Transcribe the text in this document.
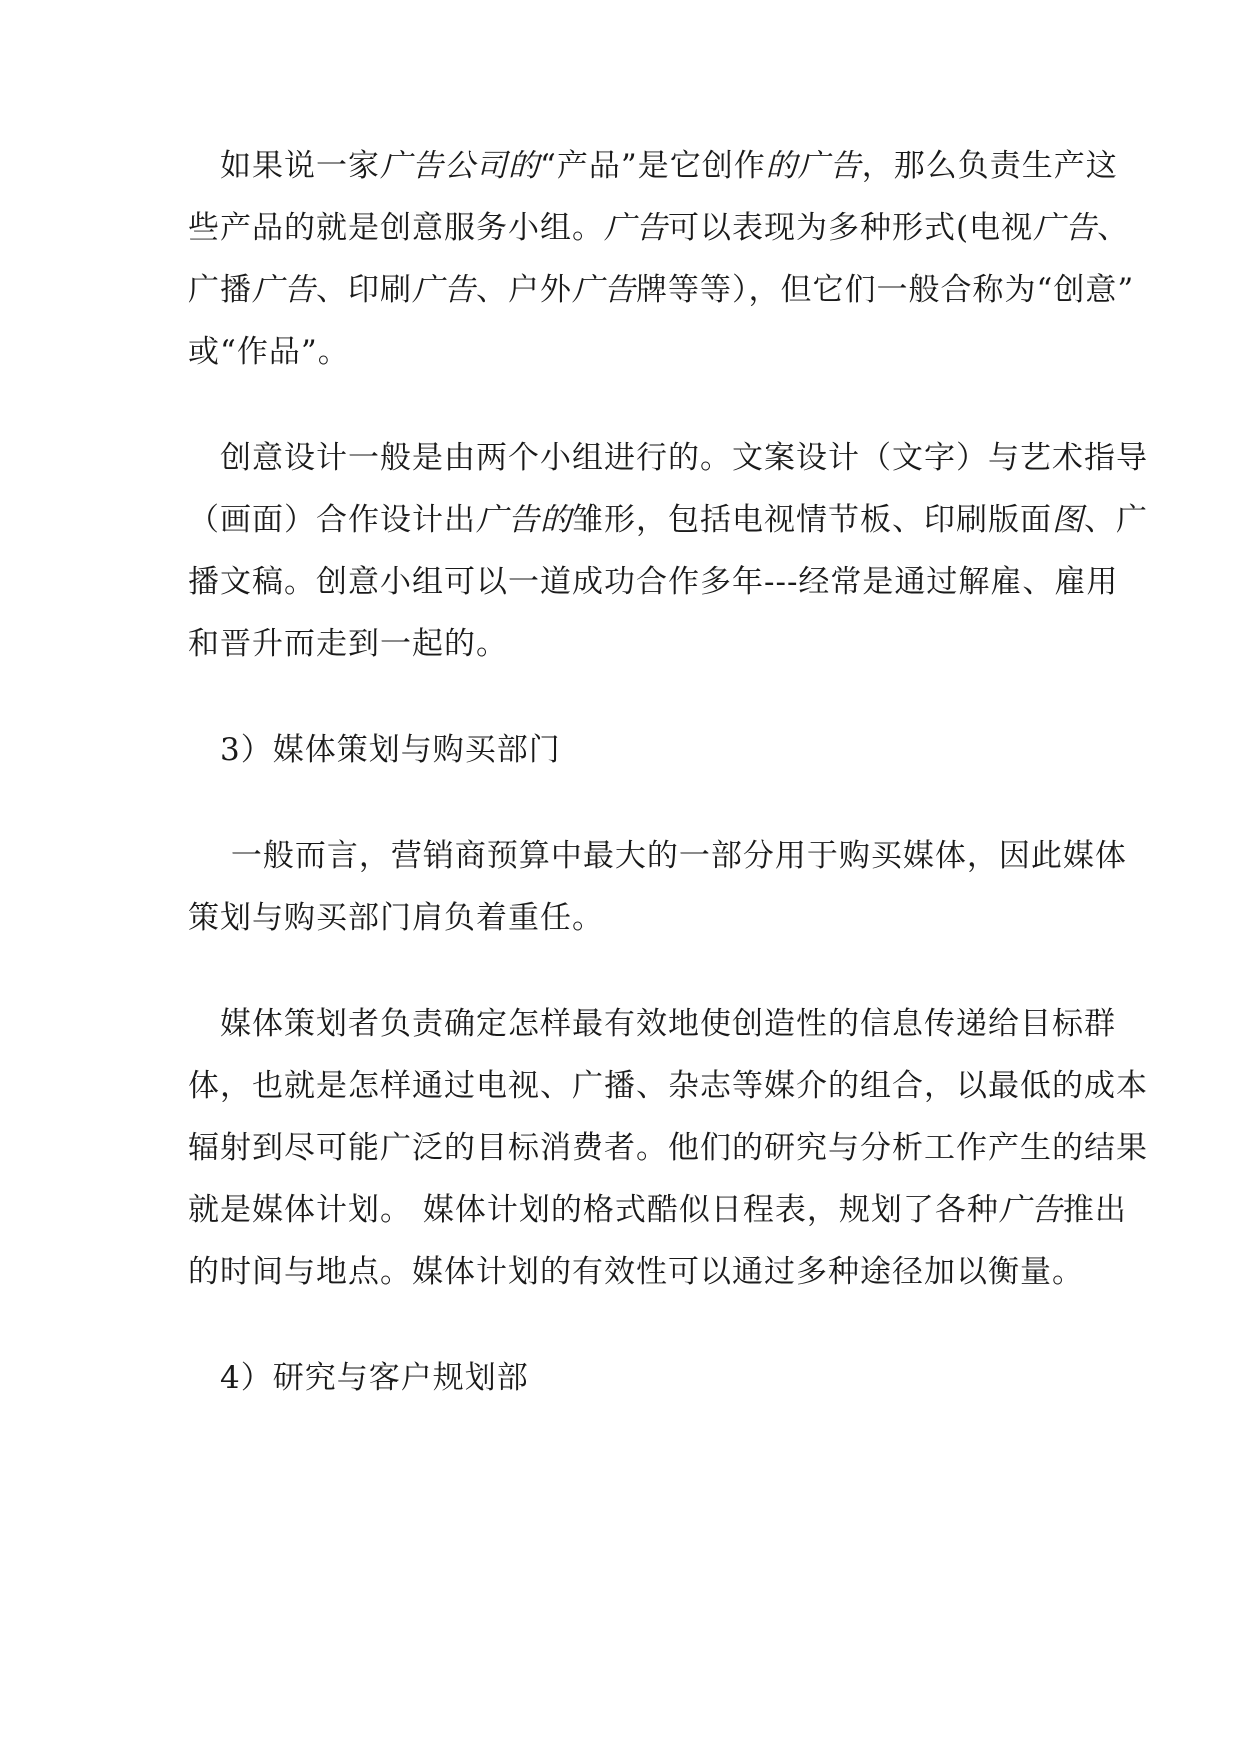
　如果说一家广告公司的“产品”是它创作的广告，那么负责生产这
些产品的就是创意服务小组。广告可以表现为多种形式(电视广告、
广播广告、印刷广告、户外广告牌等等），但它们一般合称为“创意”
或“作品”。
　创意设计一般是由两个小组进行的。文案设计（文字）与艺术指导
（画面）合作设计出广告的雏形，包括电视情节板、印刷版面图、广
播文稿。创意小组可以一道成功合作多年---经常是通过解雇、雇用
和晋升而走到一起的。
　3）媒体策划与购买部门
　 一般而言，营销商预算中最大的一部分用于购买媒体，因此媒体
策划与购买部门肩负着重任。
　媒体策划者负责确定怎样最有效地使创造性的信息传递给目标群
体，也就是怎样通过电视、广播、杂志等媒介的组合，以最低的成本
辐射到尽可能广泛的目标消费者。他们的研究与分析工作产生的结果
就是媒体计划。 媒体计划的格式酷似日程表，规划了各种广告推出
的时间与地点。媒体计划的有效性可以通过多种途径加以衡量。
　4）研究与客户规划部
